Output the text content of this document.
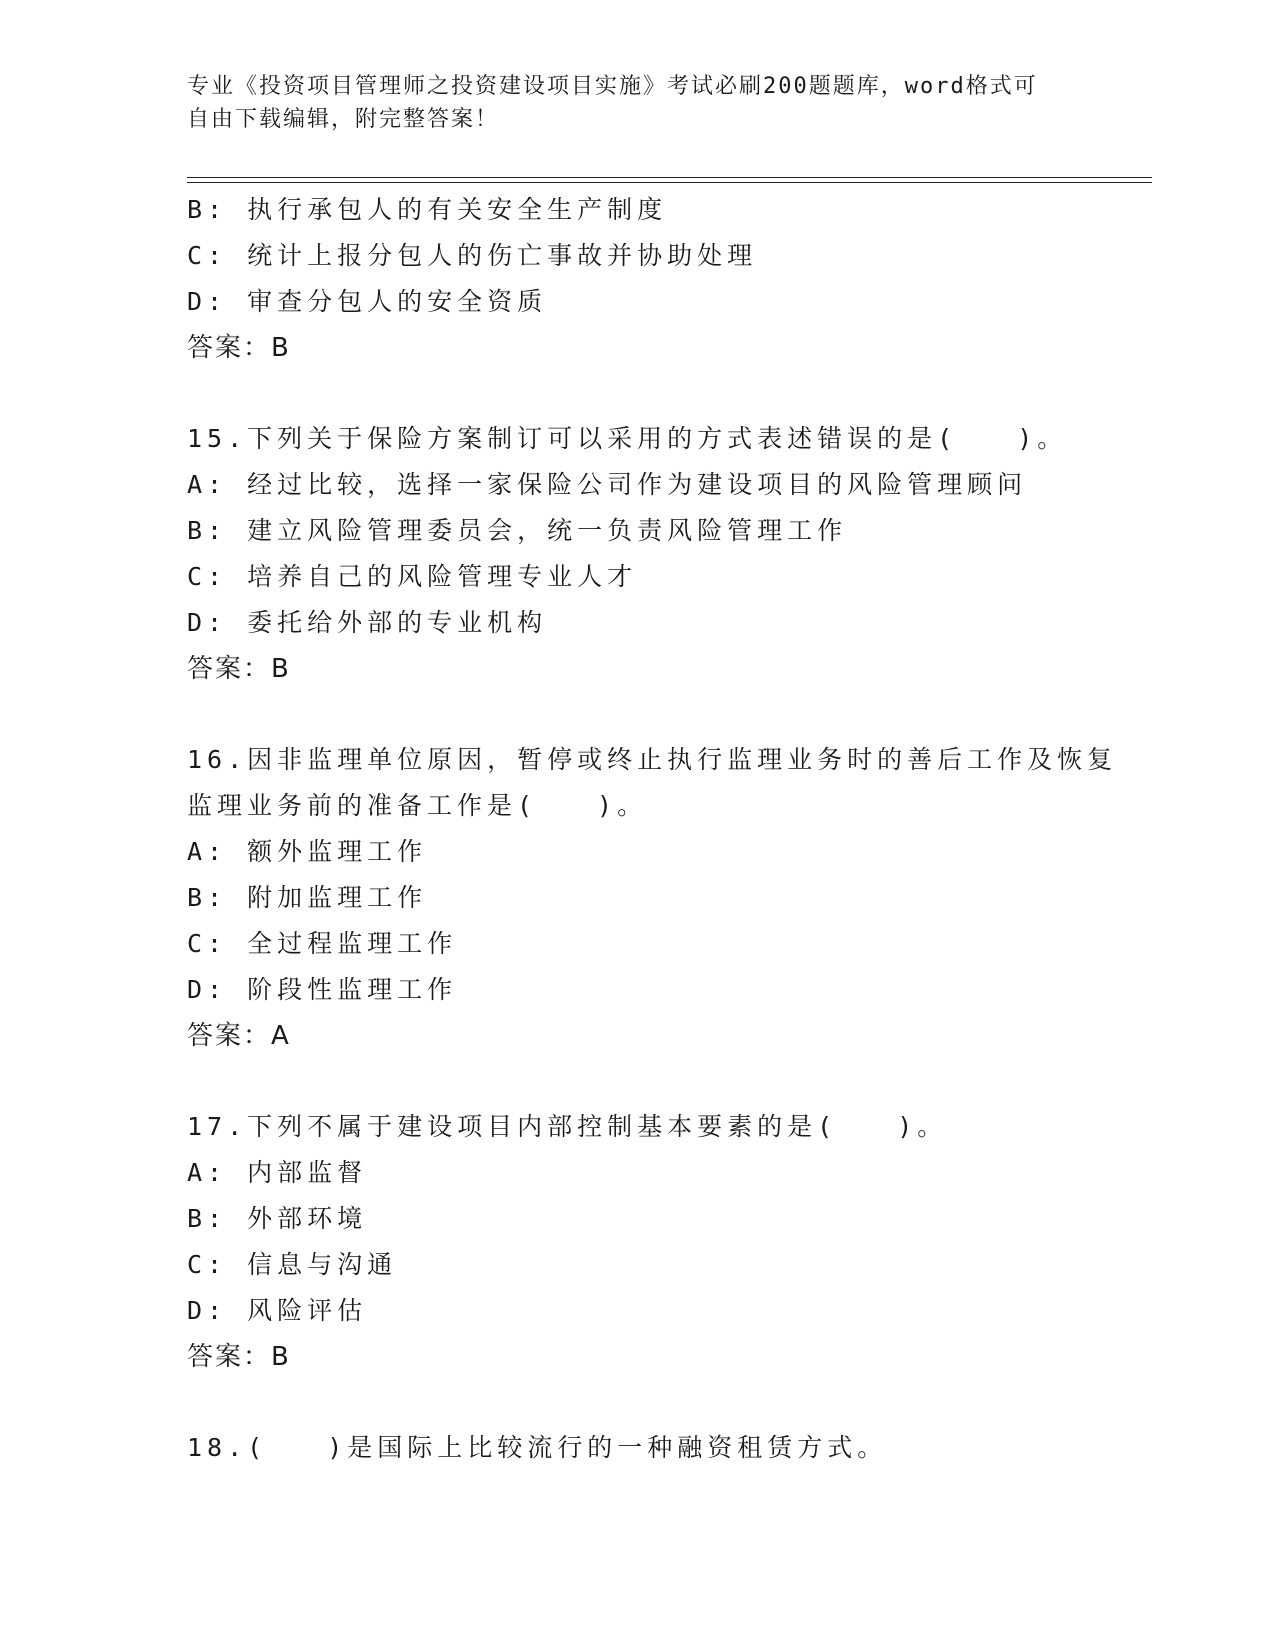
专业《投资项目管理师之投资建设项目实施》考试必刷200题题库，word格式可
自由下载编辑，附完整答案！
B: 执行承包人的有关安全生产制度
C: 统计上报分包人的伤亡事故并协助处理
D: 审查分包人的安全资质
答案：B
15.下列关于保险方案制订可以采用的方式表述错误的是(　　)。
A: 经过比较，选择一家保险公司作为建设项目的风险管理顾问
B: 建立风险管理委员会，统一负责风险管理工作
C: 培养自己的风险管理专业人才
D: 委托给外部的专业机构
答案：B
16.因非监理单位原因，暂停或终止执行监理业务时的善后工作及恢复
监理业务前的准备工作是(　　)。
A: 额外监理工作
B: 附加监理工作
C: 全过程监理工作
D: 阶段性监理工作
答案：A
17.下列不属于建设项目内部控制基本要素的是(　　)。
A: 内部监督
B: 外部环境
C: 信息与沟通
D: 风险评估
答案：B
18.(　　)是国际上比较流行的一种融资租赁方式。
